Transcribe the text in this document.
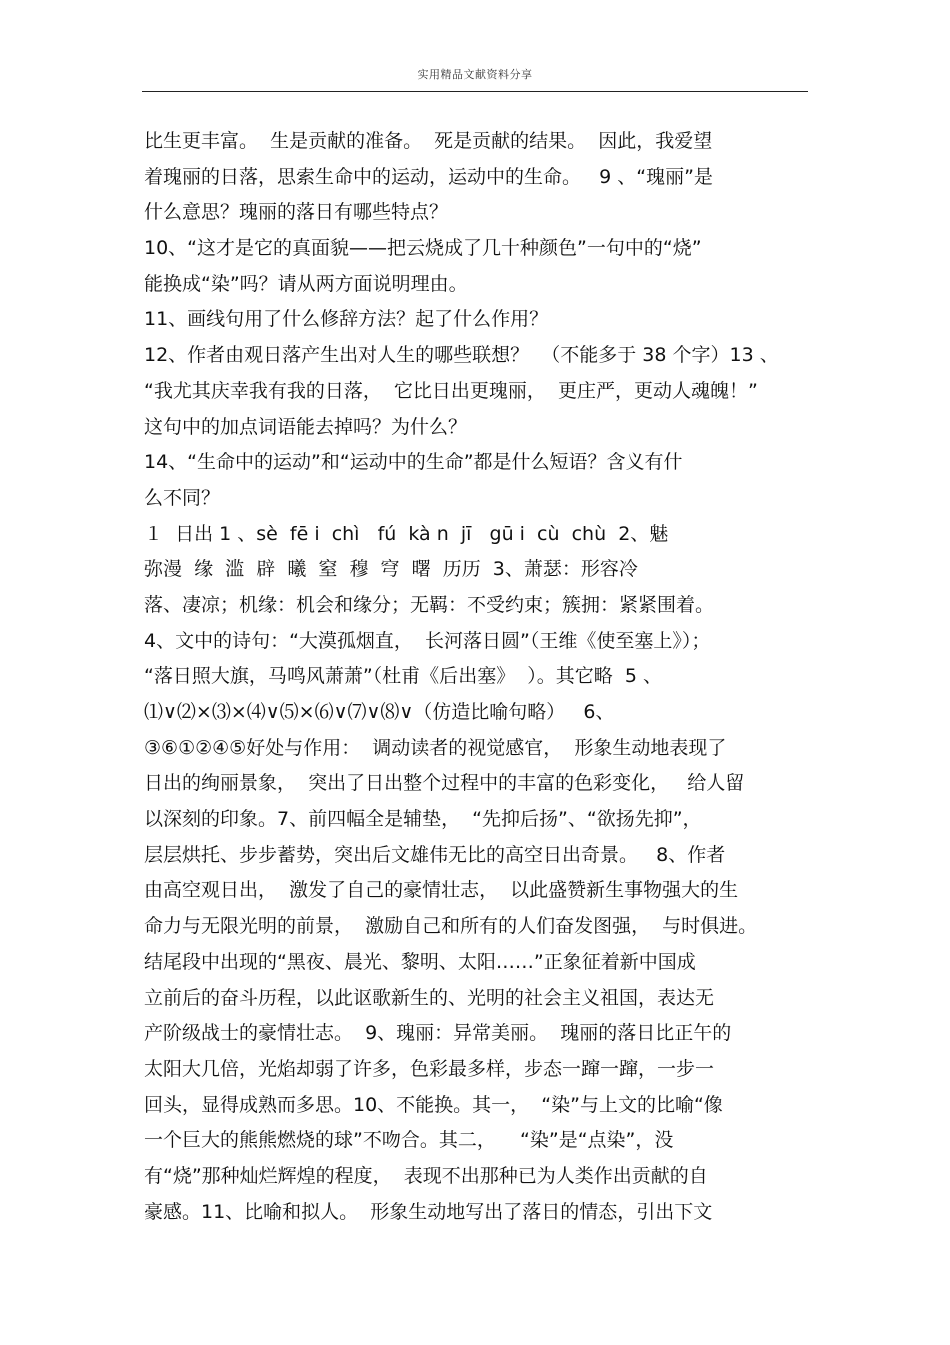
实用精品文献资料分享
比生更丰富。  生是贡献的准备。  死是贡献的结果。  因此，我爱望
着瑰丽的日落，思索生命中的运动，运动中的生命。   9 、“瑰丽”是
什么意思？瑰丽的落日有哪些特点？
10、“这才是它的真面貌——把云烧成了几十种颜色”一句中的“烧”
能换成“染”吗？请从两方面说明理由。
11、画线句用了什么修辞方法？起了什么作用？
12、作者由观日落产生出对人生的哪些联想？  （不能多于 38 个字）13 、
“我尤其庆幸我有我的日落，  它比日出更瑰丽，  更庄严，更动人魂魄！”
这句中的加点词语能去掉吗？为什么？
14、“生命中的运动”和“运动中的生命”都是什么短语？含义有什
么不同？
１  日出 1 、sè  fē i  chì   fú  kà n  jī   gū i  cù  chù  2、魅
弥漫  缘  滥  辟  曦  窒  穆  穹  曙  历历  3、萧瑟：形容冷
落、凄凉；机缘：机会和缘分；无羁：不受约束；簇拥：紧紧围着。
4、文中的诗句：“大漠孤烟直，  长河落日圆”（王维《使至塞上》）；
“落日照大旗，马鸣风萧萧”（杜甫《后出塞》  ）。其它略  5 、
⑴∨⑵×⑶×⑷∨⑸×⑹∨⑺∨⑻∨（仿造比喻句略）   6、
③⑥①②④⑤好处与作用：  调动读者的视觉感官，  形象生动地表现了
日出的绚丽景象，  突出了日出整个过程中的丰富的色彩变化，   给人留
以深刻的印象。7、前四幅全是辅垫，  “先抑后扬”、“欲扬先抑”，
层层烘托、步步蓄势，突出后文雄伟无比的高空日出奇景。   8、作者
由高空观日出，  激发了自己的豪情壮志，  以此盛赞新生事物强大的生
命力与无限光明的前景，  激励自己和所有的人们奋发图强，  与时俱进。
结尾段中出现的“黑夜、晨光、黎明、太阳……”正象征着新中国成
立前后的奋斗历程，以此讴歌新生的、光明的社会主义祖国，表达无
产阶级战士的豪情壮志。  9、瑰丽：异常美丽。  瑰丽的落日比正午的
太阳大几倍，光焰却弱了许多，色彩最多样，步态一蹿一蹿，一步一
回头，显得成熟而多思。10、不能换。其一，  “染”与上文的比喻“像
一个巨大的熊熊燃烧的球”不吻合。其二，    “染”是“点染”，没
有“烧”那种灿烂辉煌的程度，  表现不出那种已为人类作出贡献的自
豪感。11、比喻和拟人。  形象生动地写出了落日的情态，引出下文
